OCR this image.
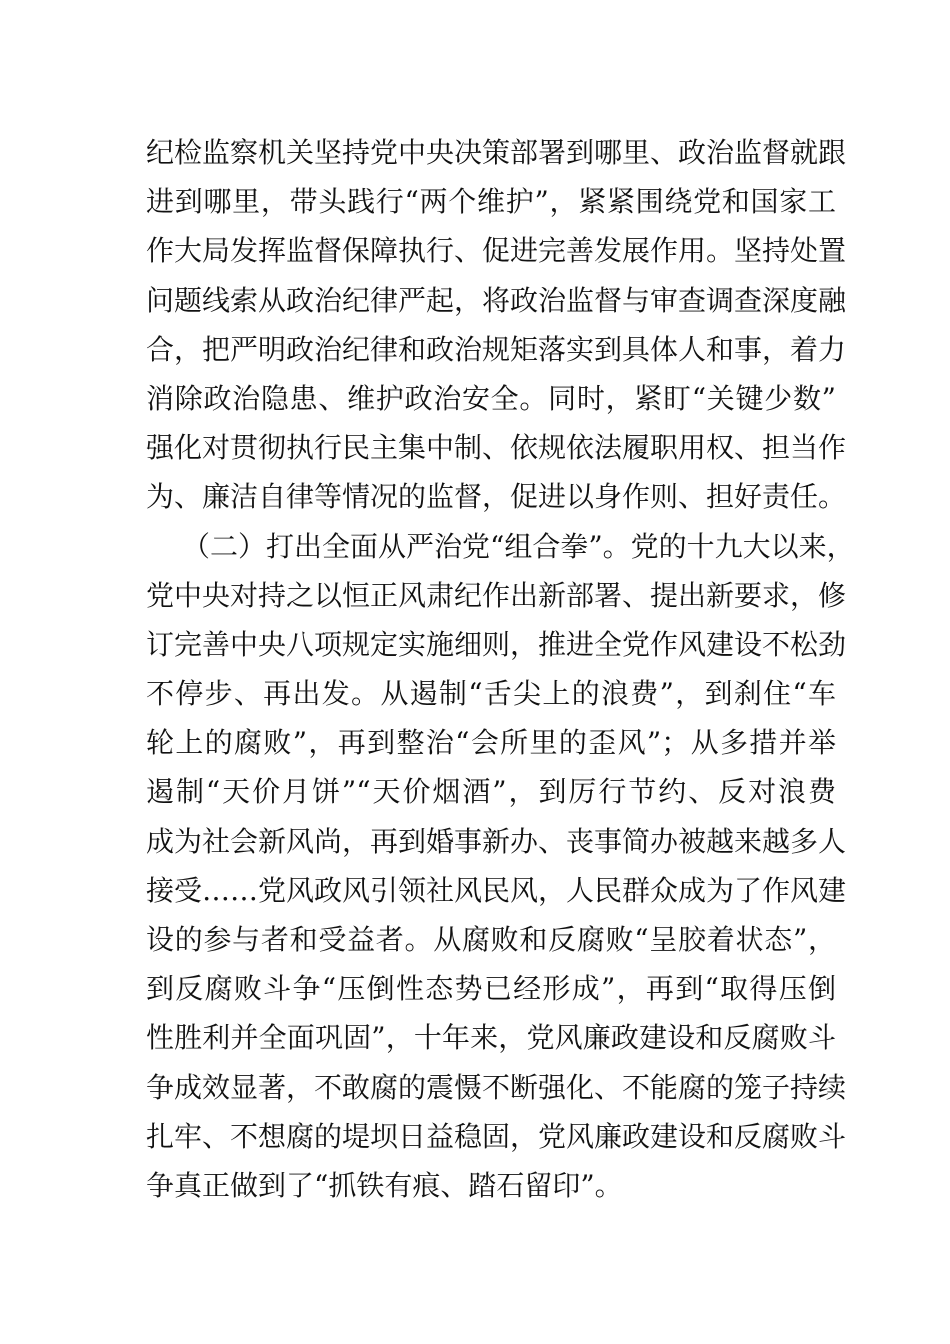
纪检监察机关坚持党中央决策部署到哪里、政治监督就跟
进到哪里，带头践行“两个维护”，紧紧围绕党和国家工
作大局发挥监督保障执行、促进完善发展作用。坚持处置
问题线索从政治纪律严起，将政治监督与审查调查深度融
合，把严明政治纪律和政治规矩落实到具体人和事，着力
消除政治隐患、维护政治安全。同时，紧盯“关键少数”
强化对贯彻执行民主集中制、依规依法履职用权、担当作
为、廉洁自律等情况的监督，促进以身作则、担好责任。
（二）打出全面从严治党“组合拳”。党的十九大以来，
党中央对持之以恒正风肃纪作出新部署、提出新要求，修
订完善中央八项规定实施细则，推进全党作风建设不松劲
不停步、再出发。从遏制“舌尖上的浪费”，到刹住“车
轮上的腐败”，再到整治“会所里的歪风”；从多措并举
遏制“天价月饼”“天价烟酒”，到厉行节约、反对浪费
成为社会新风尚，再到婚事新办、丧事简办被越来越多人
接受……党风政风引领社风民风，人民群众成为了作风建
设的参与者和受益者。从腐败和反腐败“呈胶着状态”，
到反腐败斗争“压倒性态势已经形成”，再到“取得压倒
性胜利并全面巩固”，十年来，党风廉政建设和反腐败斗
争成效显著，不敢腐的震慑不断强化、不能腐的笼子持续
扎牢、不想腐的堤坝日益稳固，党风廉政建设和反腐败斗
争真正做到了“抓铁有痕、踏石留印”。
